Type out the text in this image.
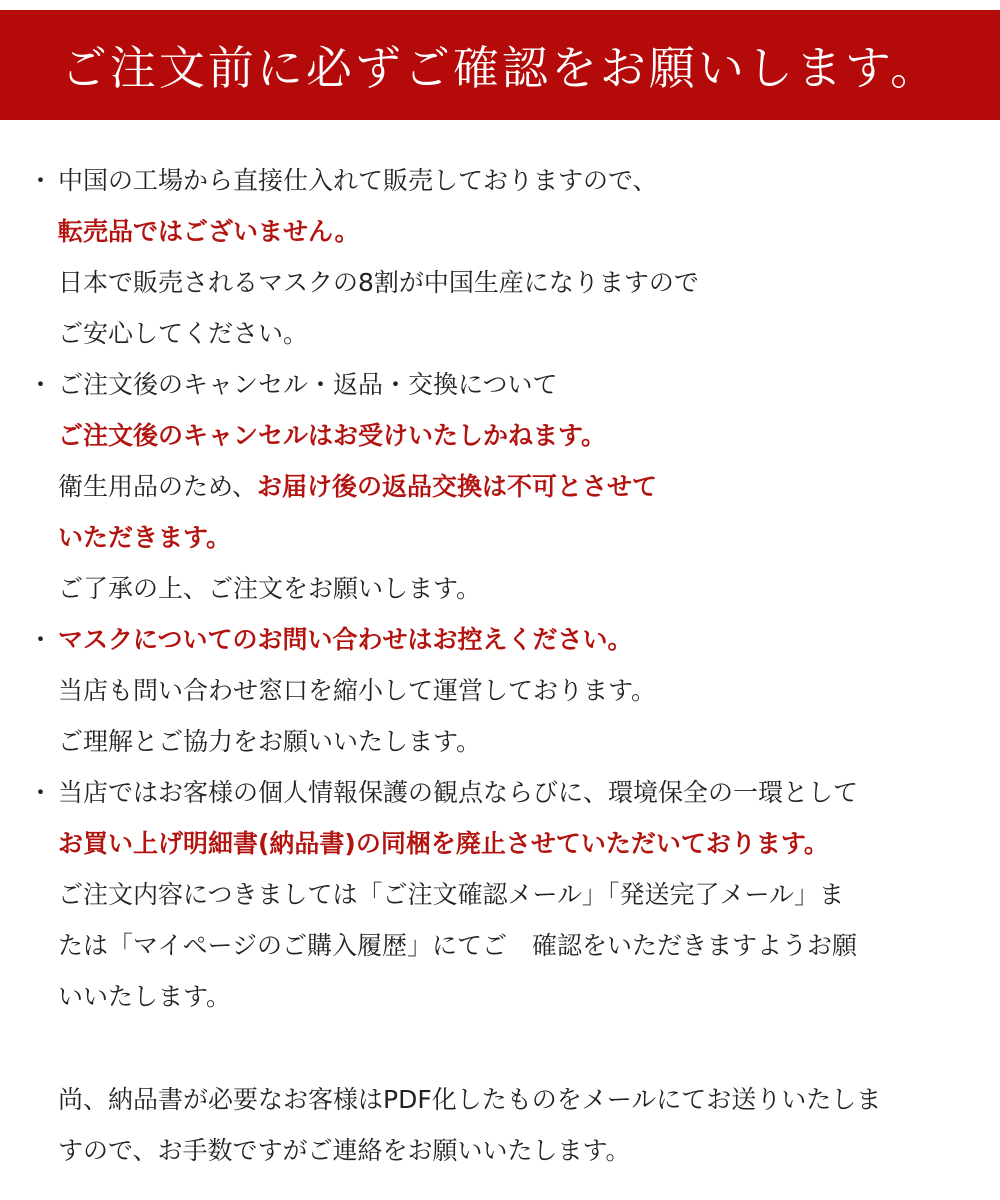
ご注文前に必ずご確認をお願いします。
・ 中国の工場から直接仕入れて販売しておりますので、
転売品ではございません。
日本で販売されるマスクの8割が中国生産になりますので
ご安心してください。
・ ご注文後のキャンセル・返品・交換について
ご注文後のキャンセルはお受けいたしかねます。
衛生用品のため、お届け後の返品交換は不可とさせて
いただきます。
ご了承の上、ご注文をお願いします。
・ マスクについてのお問い合わせはお控えください。
当店も問い合わせ窓口を縮小して運営しております。
ご理解とご協力をお願いいたします。
・ 当店ではお客様の個人情報保護の観点ならびに、環境保全の一環として
お買い上げ明細書(納品書)の同梱を廃止させていただいております。
ご注文内容につきましては「ご注文確認メール」「発送完了メール」ま
たは「マイページのご購入履歴」にてご　確認をいただきますようお願
いいたします。
尚、納品書が必要なお客様はPDF化したものをメールにてお送りいたしま
すので、お手数ですがご連絡をお願いいたします。
